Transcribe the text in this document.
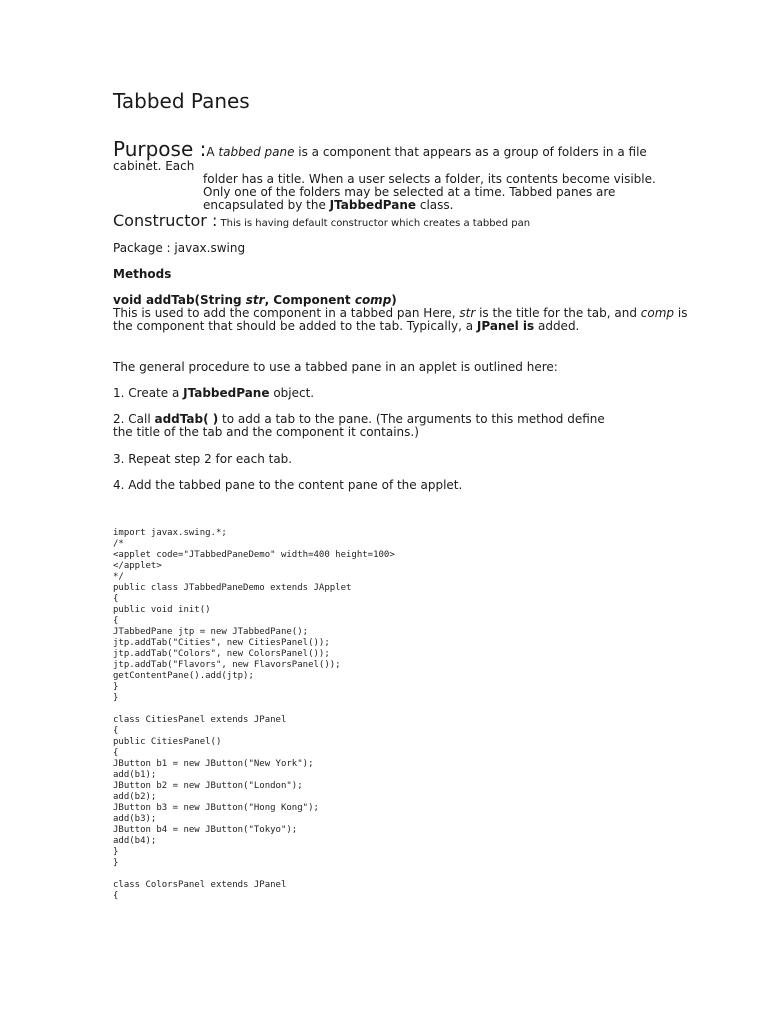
Tabbed Panes
Purpose :A tabbed pane is a component that appears as a group of folders in a file
cabinet. Each
folder has a title. When a user selects a folder, its contents become visible.
Only one of the folders may be selected at a time. Tabbed panes are
encapsulated by the JTabbedPane class.
Constructor : This is having default constructor which creates a tabbed pan
Package : javax.swing
Methods
void addTab(String str, Component comp)
This is used to add the component in a tabbed pan Here, str is the title for the tab, and comp is
the component that should be added to the tab. Typically, a JPanel is added.
The general procedure to use a tabbed pane in an applet is outlined here:
1. Create a JTabbedPane object.
2. Call addTab( ) to add a tab to the pane. (The arguments to this method define
the title of the tab and the component it contains.)
3. Repeat step 2 for each tab.
4. Add the tabbed pane to the content pane of the applet.
import javax.swing.*;
/*
<applet code="JTabbedPaneDemo" width=400 height=100>
</applet>
*/
public class JTabbedPaneDemo extends JApplet
{
public void init()
{
JTabbedPane jtp = new JTabbedPane();
jtp.addTab("Cities", new CitiesPanel());
jtp.addTab("Colors", new ColorsPanel());
jtp.addTab("Flavors", new FlavorsPanel());
getContentPane().add(jtp);
}
}
class CitiesPanel extends JPanel
{
public CitiesPanel()
{
JButton b1 = new JButton("New York");
add(b1);
JButton b2 = new JButton("London");
add(b2);
JButton b3 = new JButton("Hong Kong");
add(b3);
JButton b4 = new JButton("Tokyo");
add(b4);
}
}
class ColorsPanel extends JPanel
{
